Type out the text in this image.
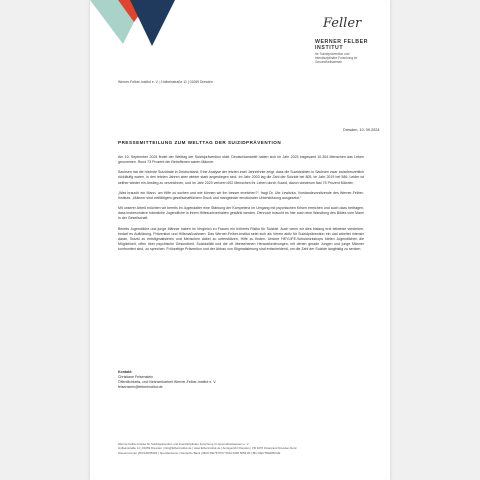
Feller
WERNER FELBER
INSTITUT
für Suizidprävention und
interdisziplinäre Forschung im
Gesundheitswesen
Werner-Felber-Institut e. V. | Holbeinstraße 11 | 01069 Dresden
Dresden, 10. 09.2024
PRESSEMITTEILUNG ZUM WELTTAG DER SUIZIDPRÄVENTION

Am 10. September 2024 findet der Welttag der Suizidprävention statt. Deutschlandweit haben sich im Jahr 2023 insgesamt 10.304 Menschen das Leben genommen. Rund 73 Prozent der Betroffenen waren Männer.

Sachsen hat die höchste Suizidrate in Deutschland. Eine Analyse der letzten zwei Jahrzehnte zeigt, dass die Suizidzahlen in Sachsen zwar zwischenzeitlich rückläufig waren, in den letzten Jahren aber wieder stark angestiegen sind. Im Jahr 2003 lag die Zahl der Suizide bei 805, im Jahr 2019 bei 586. Leider ist seither wieder ein Anstieg zu verzeichnen, und im Jahr 2023 verloren 692 Menschen ihr Leben durch Suizid, davon wiederum fast 75 Prozent Männer.

„Was braucht ein Mann, um Hilfe zu suchen und wie können wir ihn besser erreichen?“, fragt Dr. Ute Lewitzka, Vorstandsvorsitzende des Werner-Felber-Instituts. „Männer sind vielfältigem gesellschaftlichem Druck und mangelnder emotionaler Unterstützung ausgesetzt.“

Mit unserer Arbeit möchten wir bereits im Jugendalter eine Stärkung der Kompetenz im Umgang mit psychischen Krisen erreichen und auch dazu beitragen, dass insbesondere männliche Jugendliche in ihrem Hilfesuchverhalten gestärkt werden. Dennoch braucht es hier auch eine Wandlung des Bildes vom Mann in der Gesellschaft.

Bereits Jugendliche und junge Männer haben im Vergleich zu Frauen ein höheres Risiko für Suizide. Auch wenn wir dies bislang erst teilweise verstehen, bedarf es Aufklärung, Prävention und Hilfsmaßnahmen. Das Werner-Felber-Institut setzt sich als Verein aktiv für Suizidprävention ein und arbeitet intensiv daran, Suizid zu entstigmatisieren und Menschen dabei zu unterstützen, Hilfe zu finden. Unsere HEYLIFE-Schulworkshops bieten Jugendlichen die Möglichkeit, offen über psychische Gesundheit, Suizidalität und die oft übersehenen Herausforderungen, mit denen gerade Jungen und junge Männer konfrontiert sind, zu sprechen. Frühzeitige Prävention und der Abbau von Stigmatisierung sind entscheidend, um die Zahl der Suizide langfristig zu senken.

Kontakt:
Christiane Felsenstein
Öffentlichkeits- und Netzwerkarbeit Werner-Felber-Institut e. V.
felsenstein@felberinstitut.de
Werner-Felber-Institut für Suizidprävention und interdisziplinäre Forschung im Gesundheitswesen e. V.
Holbeinstraße 11 | 01069 Dresden | info@felberinstitut.de | www.felberinstitut.de | Amtsgericht Dresden | VR 9470 Finanzamt Dresden-Nord
Steuernummer 203/140/05303 | Spendenkonto | Deutsche Bank | IBAN DE78 8707 0024 0028 5656 00 | BIC DEUTDEDBCHE
